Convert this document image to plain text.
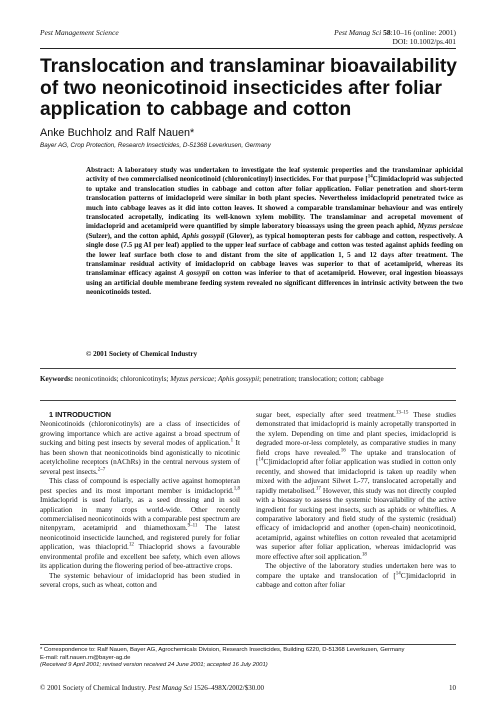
Pest Management Science	Pest Manag Sci 58:10–16 (online: 2001)
DOI: 10.1002/ps.401
Translocation and translaminar bioavailability of two neonicotinoid insecticides after foliar application to cabbage and cotton
Anke Buchholz and Ralf Nauen*
Bayer AG, Crop Protection, Research Insecticides, D-51368 Leverkusen, Germany

Abstract: A laboratory study was undertaken to investigate the leaf systemic properties and the translaminar aphicidal activity of two commercialised neonicotinoid (chloronicotinyl) insecticides. For that purpose [$^{14}$C]imidacloprid was subjected to uptake and translocation studies in cabbage and cotton after foliar application. Foliar penetration and short-term translocation patterns of imidacloprid were similar in both plant species. Nevertheless imidacloprid penetrated twice as much into cabbage leaves as it did into cotton leaves. It showed a comparable translaminar behaviour and was entirely translocated acropetally, indicating its well-known xylem mobility. The translaminar and acropetal movement of imidacloprid and acetamiprid were quantified by simple laboratory bioassays using the green peach aphid, Myzus persicae (Sulzer), and the cotton aphid, Aphis gossypii (Glover), as typical homopteran pests for cabbage and cotton, respectively. A single dose (7.5 µg AI per leaf) applied to the upper leaf surface of cabbage and cotton was tested against aphids feeding on the lower leaf surface both close to and distant from the site of application 1, 5 and 12 days after treatment. The translaminar residual activity of imidacloprid on cabbage leaves was superior to that of acetamiprid, whereas its translaminar efficacy against A gossypii on cotton was inferior to that of acetamiprid. However, oral ingestion bioassays using an artificial double membrane feeding system revealed no significant differences in intrinsic activity between the two neonicotinoids tested.

© 2001 Society of Chemical Industry

Keywords: neonicotinoids; chloronicotinyls; Myzus persicae; Aphis gossypii; penetration; translocation; cotton; cabbage

1 INTRODUCTION

Neonicotinoids (chloronicotinyls) are a class of insecticides of growing importance which are active against a broad spectrum of sucking and biting pest insects by several modes of application.$^1$ It has been shown that neonicotinoids bind agonistically to nicotinic acetylcholine receptors (nAChRs) in the central nervous system of several pest insects.$^{2-7}$

This class of compound is especially active against homopteran pest species and its most important member is imidacloprid.$^{1,8}$ Imidacloprid is used foliarly, as a seed dressing and in soil application in many crops world-wide. Other recently commercialised neonicotinoids with a comparable pest spectrum are nitenpyram, acetamiprid and thiamethoxam.$^{9-11}$ The latest neonicotinoid insecticide launched, and registered purely for foliar application, was thiacloprid.$^{12}$ Thiacloprid shows a favourable environmental profile and excellent bee safety, which even allows its application during the flowering period of bee-attractive crops.

The systemic behaviour of imidacloprid has been studied in several crops, such as wheat, cotton and

sugar beet, especially after seed treatment.$^{13-15}$ These studies demonstrated that imidacloprid is mainly acropetally transported in the xylem. Depending on time and plant species, imidacloprid is degraded more-or-less completely, as comparative studies in many field crops have revealed.$^{16}$ The uptake and translocation of [$^{14}$C]imidacloprid after foliar application was studied in cotton only recently, and showed that imidacloprid is taken up readily when mixed with the adjuvant Silwet L-77, translocated acropetally and rapidly metabolised.$^{17}$ However, this study was not directly coupled with a bioassay to assess the systemic bioavailability of the active ingredient for sucking pest insects, such as aphids or whiteflies. A comparative laboratory and field study of the systemic (residual) efficacy of imidacloprid and another (open-chain) neonicotinoid, acetamiprid, against whiteflies on cotton revealed that acetamiprid was superior after foliar application, whereas imidacloprid was more effective after soil application.$^{18}$

The objective of the laboratory studies undertaken here was to compare the uptake and translocation of [$^{14}$C]imidacloprid in cabbage and cotton after foliar

* Correspondence to: Ralf Nauen, Bayer AG, Agrochemicals Division, Research Insecticides, Building 6220, D-51368 Leverkusen, Germany
E-mail: ralf.nauen.rn@bayer-ag.de
(Received 9 April 2001; revised version received 24 June 2001; accepted 16 July 2001)
© 2001 Society of Chemical Industry. Pest Manag Sci 1526–498X/2002/$30.00	10
